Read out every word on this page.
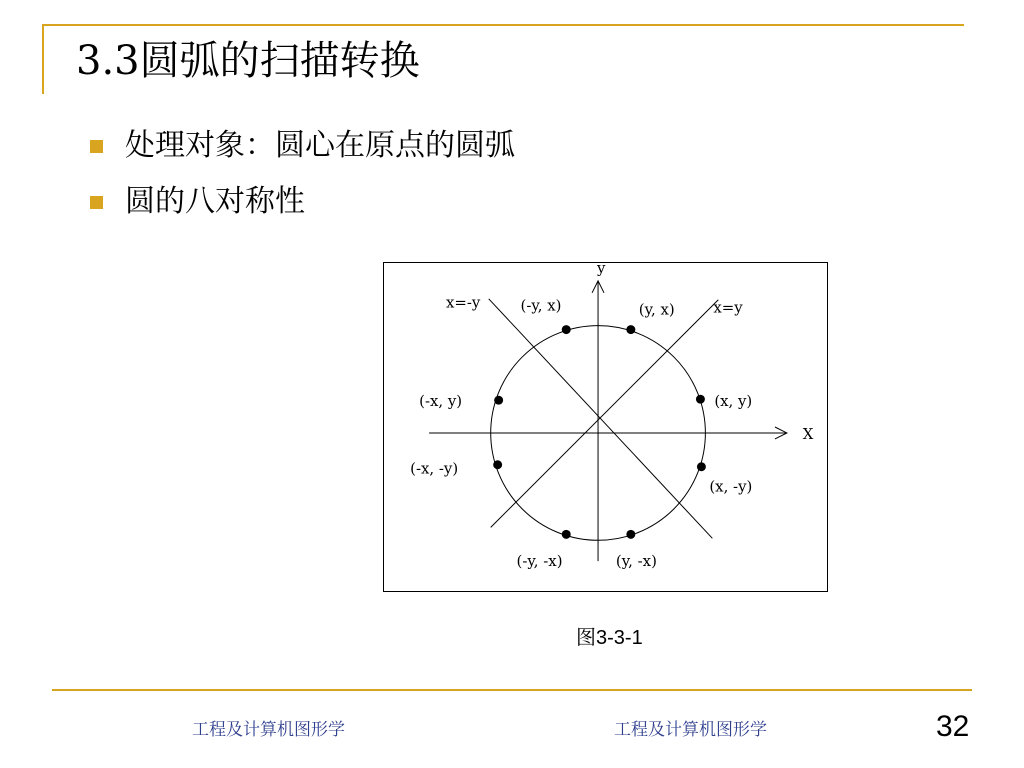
3.3圆弧的扫描转换
处理对象：圆心在原点的圆弧
圆的八对称性
y
X
x=-y	x=y
(-y, x)	(y, x)
(-x, y)	(x, y)
(-x, -y)
(x, -y)
(-y, -x)	(y, -x)
图3-3-1
工程及计算机图形学	工程及计算机图形学	32
